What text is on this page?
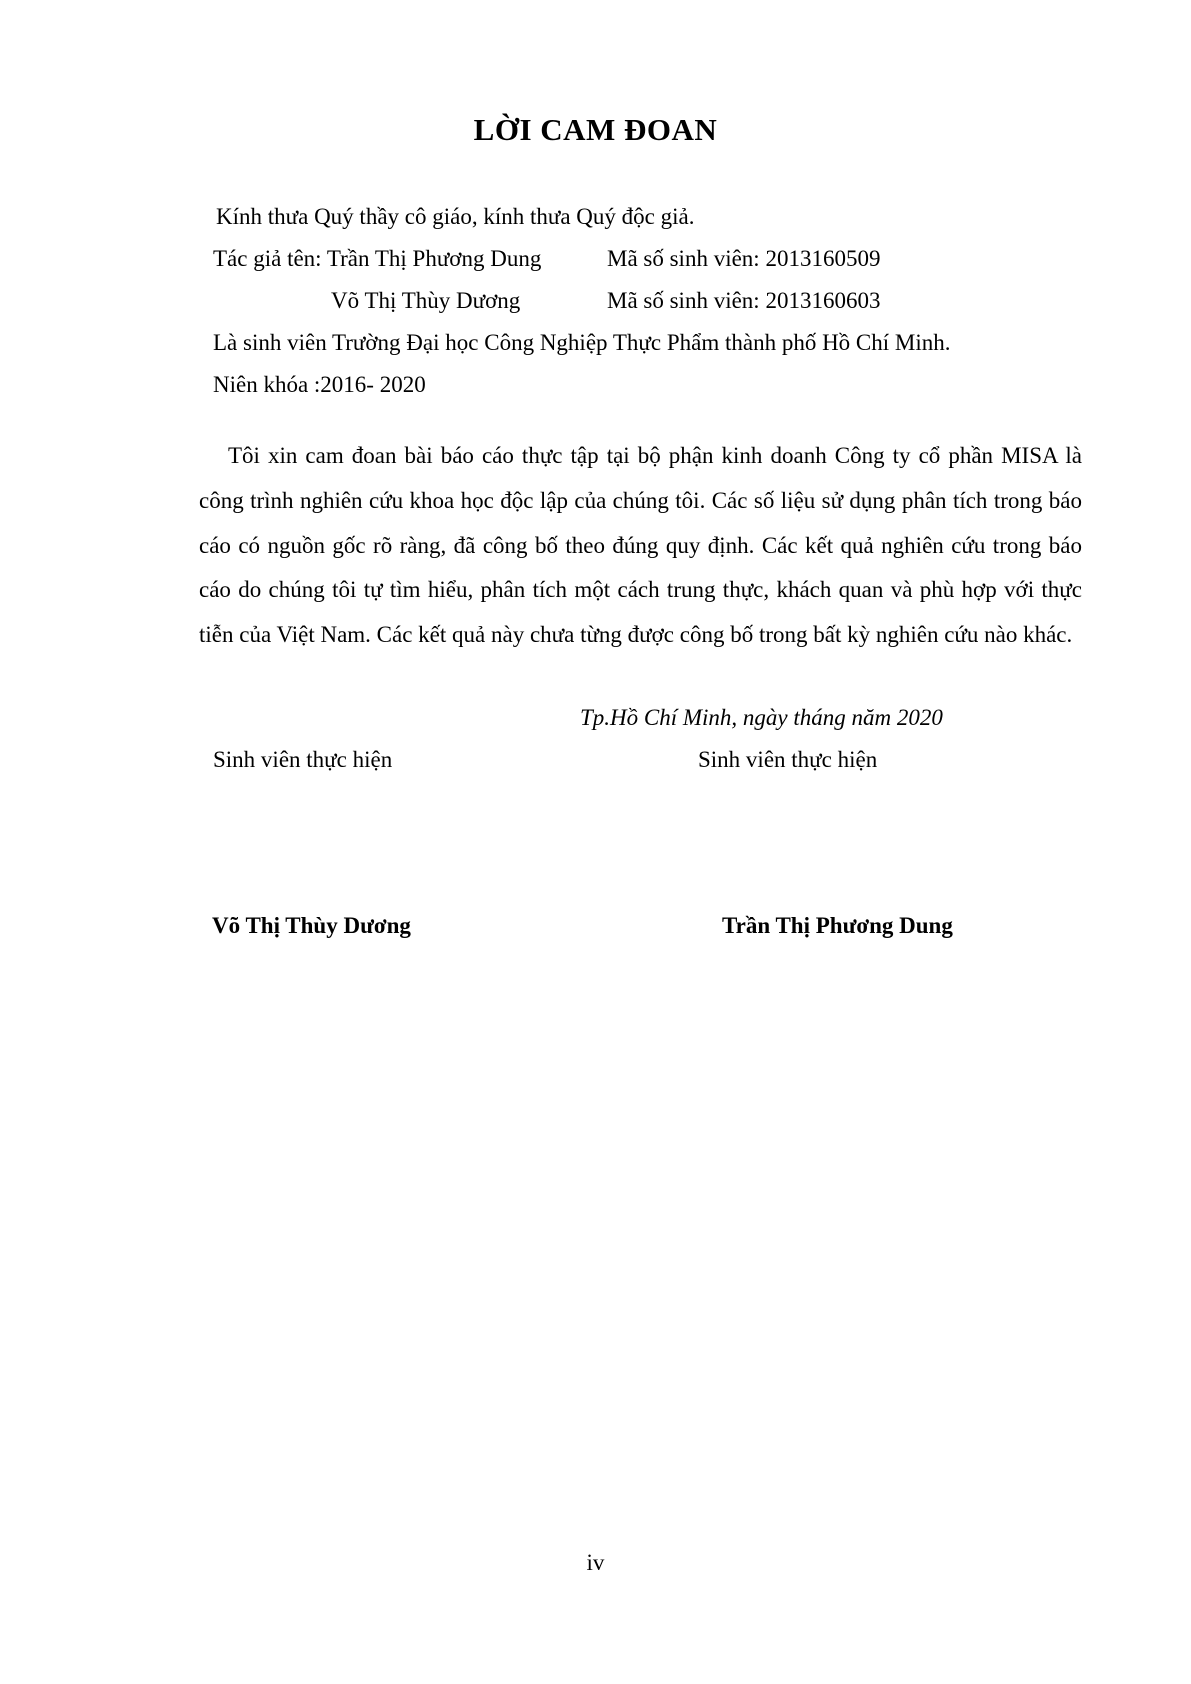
LỜI CAM ĐOAN
Kính thưa Quý thầy cô giáo, kính thưa Quý độc giả.
Tác giả tên: Trần Thị Phương Dung	Mã số sinh viên: 2013160509
Võ Thị Thùy Dương	Mã số sinh viên: 2013160603
Là sinh viên Trường Đại học Công Nghiệp Thực Phẩm thành phố Hồ Chí Minh.
Niên khóa :2016- 2020
Tôi xin cam đoan bài báo cáo thực tập tại bộ phận kinh doanh Công ty cổ phần MISA là công trình nghiên cứu khoa học độc lập của chúng tôi. Các số liệu sử dụng phân tích trong báo cáo có nguồn gốc rõ ràng, đã công bố theo đúng quy định. Các kết quả nghiên cứu trong báo cáo do chúng tôi tự tìm hiểu, phân tích một cách trung thực, khách quan và phù hợp với thực tiễn của Việt Nam. Các kết quả này chưa từng được công bố trong bất kỳ nghiên cứu nào khác.
Tp.Hồ Chí Minh, ngày tháng năm 2020
Sinh viên thực hiện	Sinh viên thực hiện
Võ Thị Thùy Dương	Trần Thị Phương Dung
iv
